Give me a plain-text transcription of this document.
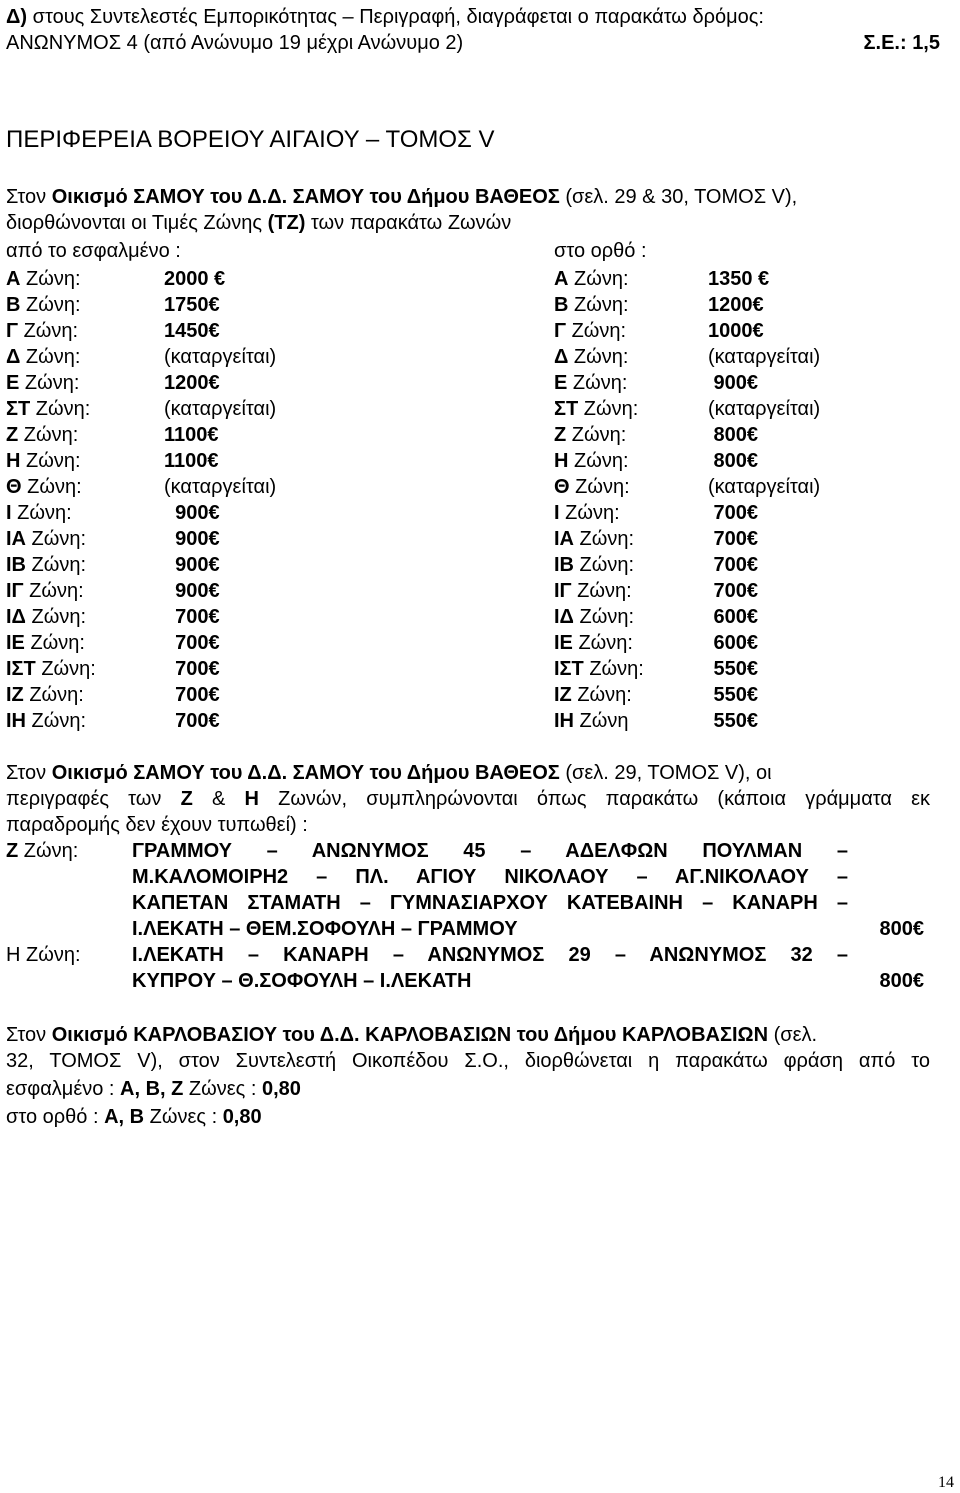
Δ) στους Συντελεστές Εμπορικότητας – Περιγραφή, διαγράφεται ο παρακάτω δρόμος:
ΑΝΩΝΥΜΟΣ 4 (από Ανώνυμο 19 μέχρι Ανώνυμο 2)	Σ.Ε.: 1,5
ΠΕΡΙΦΕΡΕΙΑ ΒΟΡΕΙΟΥ ΑΙΓΑΙΟΥ – ΤΟΜΟΣ V
Στον Οικισμό ΣΑΜΟΥ του Δ.Δ. ΣΑΜΟΥ του Δήμου ΒΑΘΕΟΣ (σελ. 29 & 30, ΤΟΜΟΣ V),
διορθώνονται οι Τιμές Ζώνης (ΤΖ) των παρακάτω Ζωνών
από το εσφαλμένο :	στο ορθό :
Α Ζώνη:	2000 €	Α Ζώνη:	1350 €
Β Ζώνη:	1750€	Β Ζώνη:	1200€
Γ Ζώνη:	1450€	Γ Ζώνη:	1000€
Δ Ζώνη:	(καταργείται)	Δ Ζώνη:	(καταργείται)
Ε Ζώνη:	1200€	Ε Ζώνη:	900€
ΣΤ Ζώνη:	(καταργείται)	ΣΤ Ζώνη:	(καταργείται)
Ζ Ζώνη:	1100€	Ζ Ζώνη:	800€
Η Ζώνη:	1100€	Η Ζώνη:	800€
Θ Ζώνη:	(καταργείται)	Θ Ζώνη:	(καταργείται)
Ι Ζώνη:	900€	Ι Ζώνη:	700€
ΙΑ Ζώνη:	900€	ΙΑ Ζώνη:	700€
ΙΒ Ζώνη:	900€	ΙΒ Ζώνη:	700€
ΙΓ Ζώνη:	900€	ΙΓ Ζώνη:	700€
ΙΔ Ζώνη:	700€	ΙΔ Ζώνη:	600€
ΙΕ Ζώνη:	700€	ΙΕ Ζώνη:	600€
ΙΣΤ Ζώνη:	700€	ΙΣΤ Ζώνη:	550€
ΙΖ Ζώνη:	700€	ΙΖ Ζώνη:	550€
ΙΗ Ζώνη:	700€	ΙΗ Ζώνη	550€
Στον Οικισμό ΣΑΜΟΥ του Δ.Δ. ΣΑΜΟΥ του Δήμου ΒΑΘΕΟΣ (σελ. 29, ΤΟΜΟΣ V), οι
περιγραφές των Ζ & Η Ζωνών, συμπληρώνονται όπως παρακάτω (κάποια γράμματα εκ
παραδρομής δεν έχουν τυπωθεί) :
Ζ Ζώνη:	ΓΡΑΜΜΟΥ – ΑΝΩΝΥΜΟΣ 45 – ΑΔΕΛΦΩΝ ΠΟΥΛΜΑΝ –
Μ.ΚΑΛΟΜΟΙΡΗ2 – ΠΛ. ΑΓΙΟΥ ΝΙΚΟΛΑΟΥ – ΑΓ.ΝΙΚΟΛΑΟΥ –
ΚΑΠΕΤΑΝ ΣΤΑΜΑΤΗ – ΓΥΜΝΑΣΙΑΡΧΟΥ ΚΑΤΕΒΑΙΝΗ – ΚΑΝΑΡΗ –
Ι.ΛΕΚΑΤΗ – ΘΕΜ.ΣΟΦΟΥΛΗ – ΓΡΑΜΜΟΥ	800€
Η Ζώνη:	Ι.ΛΕΚΑΤΗ – ΚΑΝΑΡΗ – ΑΝΩΝΥΜΟΣ 29 – ΑΝΩΝΥΜΟΣ 32 –
ΚΥΠΡΟΥ – Θ.ΣΟΦΟΥΛΗ – Ι.ΛΕΚΑΤΗ	800€
Στον Οικισμό ΚΑΡΛΟΒΑΣΙΟΥ του Δ.Δ. ΚΑΡΛΟΒΑΣΙΩΝ του Δήμου ΚΑΡΛΟΒΑΣΙΩΝ (σελ.
32, ΤΟΜΟΣ V), στον Συντελεστή Οικοπέδου Σ.Ο., διορθώνεται η παρακάτω φράση από το
εσφαλμένο : Α, Β, Ζ Ζώνες : 0,80
στο ορθό : Α, Β Ζώνες : 0,80
14
